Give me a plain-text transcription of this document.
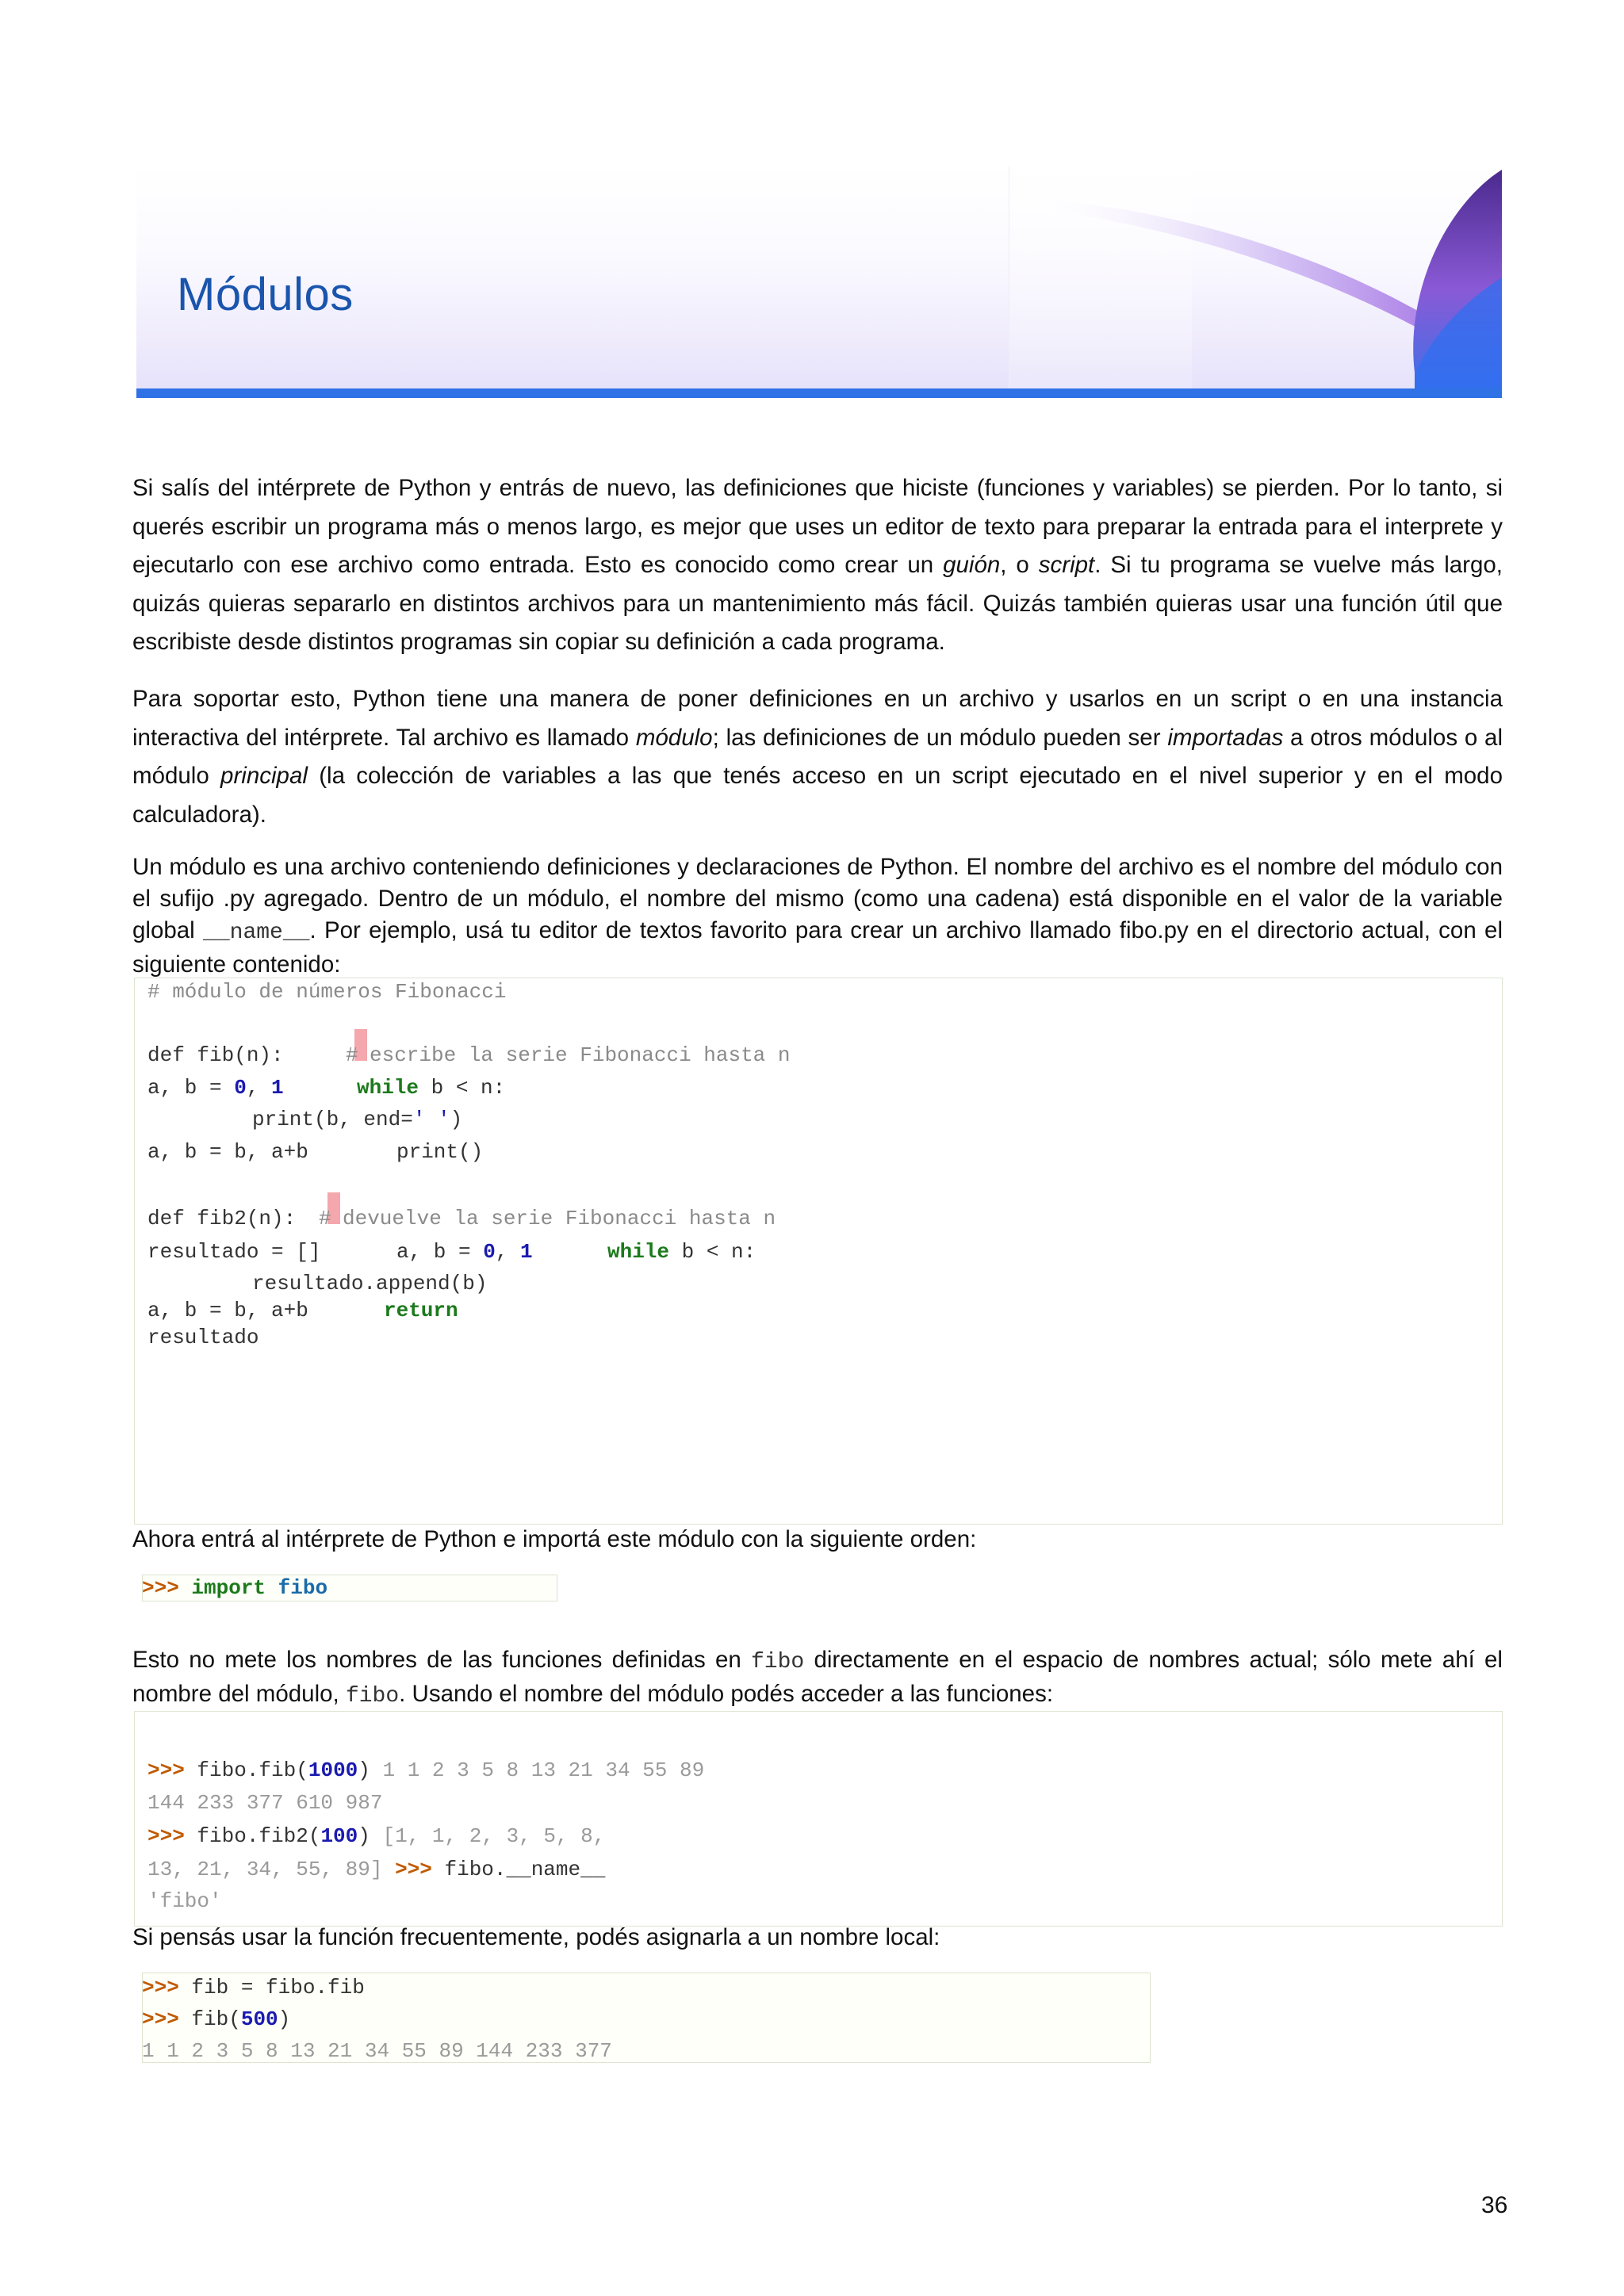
Módulos
Si salís del intérprete de Python y entrás de nuevo, las definiciones que hiciste (funciones y variables) se pierden. Por lo tanto, si querés escribir un programa más o menos largo, es mejor que uses un editor de texto para preparar la entrada para el interprete y ejecutarlo con ese archivo como entrada. Esto es conocido como crear un guión, o script. Si tu programa se vuelve más largo, quizás quieras separarlo en distintos archivos para un mantenimiento más fácil. Quizás también quieras usar una función útil que escribiste desde distintos programas sin copiar su definición a cada programa.
Para soportar esto, Python tiene una manera de poner definiciones en un archivo y usarlos en un script o en una instancia interactiva del intérprete. Tal archivo es llamado módulo; las definiciones de un módulo pueden ser importadas a otros módulos o al módulo principal (la colección de variables a las que tenés acceso en un script ejecutado en el nivel superior y en el modo calculadora).
Un módulo es una archivo conteniendo definiciones y declaraciones de Python. El nombre del archivo es el nombre del módulo con el sufijo .py agregado. Dentro de un módulo, el nombre del mismo (como una cadena) está disponible en el valor de la variable global __name__. Por ejemplo, usá tu editor de textos favorito para crear un archivo llamado fibo.py en el directorio actual, con el siguiente contenido:
# módulo de números Fibonacci
def fib(n):	# escribe la serie Fibonacci hasta n
a, b = 0, 1	while b < n:
print(b, end=' ')
a, b = b, a+b	print()
def fib2(n): # devuelve la serie Fibonacci hasta n
resultado = []	a, b = 0, 1	while b < n:
resultado.append(b)
a, b = b, a+b	return
resultado
Ahora entrá al intérprete de Python e importá este módulo con la siguiente orden:
>>> import fibo
Esto no mete los nombres de las funciones definidas en fibo directamente en el espacio de nombres actual; sólo mete ahí el nombre del módulo, fibo. Usando el nombre del módulo podés acceder a las funciones:
>>> fibo.fib(1000) 1 1 2 3 5 8 13 21 34 55 89
144 233 377 610 987
>>> fibo.fib2(100) [1, 1, 2, 3, 5, 8,
13, 21, 34, 55, 89] >>> fibo.__name__
'fibo'
Si pensás usar la función frecuentemente, podés asignarla a un nombre local:
>>> fib = fibo.fib
>>> fib(500)
1 1 2 3 5 8 13 21 34 55 89 144 233 377
36
